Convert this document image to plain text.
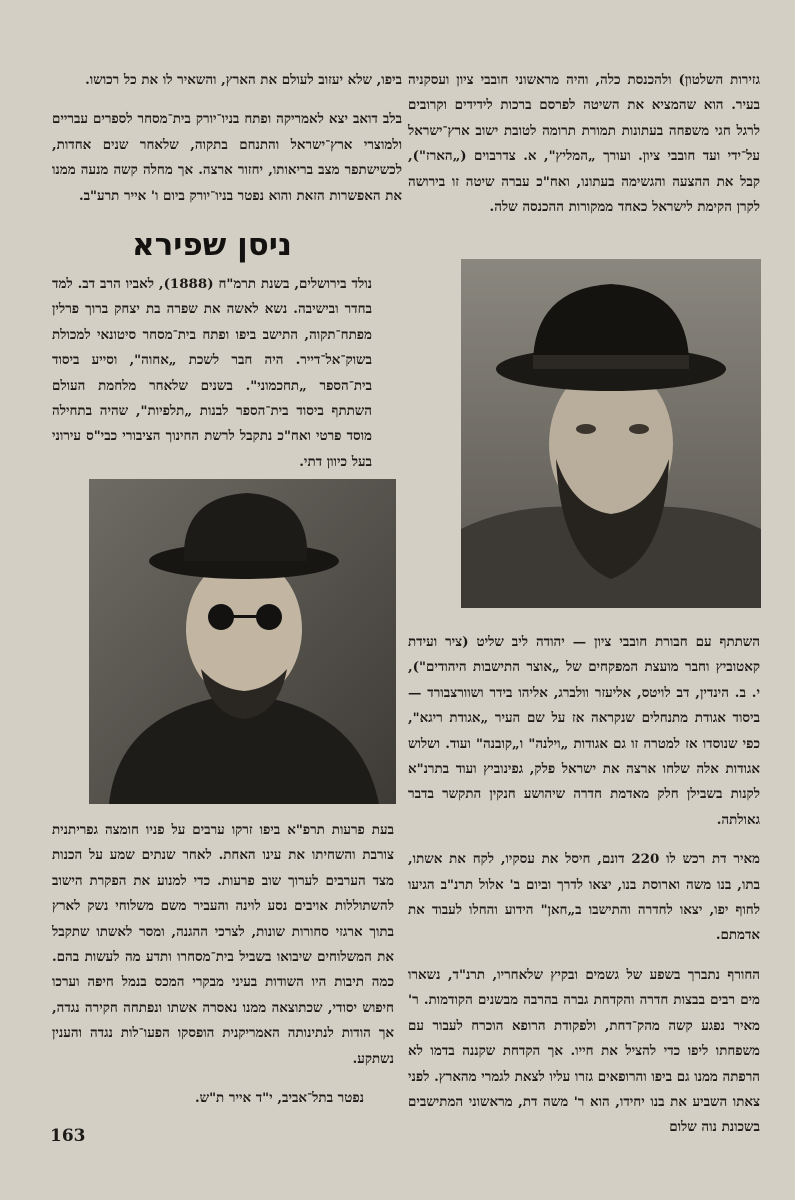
גזירות השלטון) ולהכנסת כלה, והיה מראשוני חובבי ציון ועסקניה בעיר. הוא שהמציא את השיטה לפרסם ברכות לידידים וקרובים לרגל חגי משפחה בעתונות תמורת תרומה לטובת ישוב ארץ־ישראל על־ידי ועד חובבי ציון. ועורך „המליץ", א. צדרבוים („הארז"), קבל את ההצעה והגשימה בעתונו, ואח"כ עברה שיטה זו בירושה לקרן הקימת לישראל כאחד ממקורות ההכנסה שלה.

ביפו, שלא יעזוב לעולם את הארץ, והשאיר לו את כל רכושו.

בלב דואב יצא לאמריקה ופתח בניו־יורק בית־מסחר לספרים עבריים ולמוצרי ארץ־ישראל והתנחם בתקוה, שלאחר שנים אחדות, לכשישתפר מצב בריאותו, יחזור ארצה. אך מחלה קשה מנעה ממנו את האפשרות הזאת והוא נפטר בניו־יורק ביום ו' אייר תרע"ב.

ניסן שפירא

נולד בירושלים, בשנת תרמ"ח (1888), לאביו הרב דב. למד בחדר ובישיבה. נשא לאשה את שפרה בת יצחק ברוך פרלין מפתח־תקוה, התישב ביפו ופתח בית־מסחר סיטונאי למכולת בשוק־אל־דייר. היה חבר לשכת „אחוה", וסייע ביסוד בית־הספר „תחכמוני". בשנים שלאחר מלחמת העולם השתתף ביסוד בית־הספר לבנות „תלפיות", שהיה בתחילה מוסד פרטי ואח"כ נתקבל לרשת החינוך הציבורי כבי"ס עירוני בעל כיוון דתי.

השתתף עם חבורת חובבי ציון — יהודה ליב שליט (ציר ועידת קאטוביץ וחבר מועצת המפקחים של „אוצר התישבות היהודים"), י. ב. הינדין, דב לויטס, אליעזר וולברג, אליהו בידר ושוורצבורד — ביסוד אגודת מתנחלים שנקראה אז על שם העיר „אגודת ריגא", כפי שנוסדו אז למטרה זו גם אגודות „וילנה" ו„קובנה" ועוד. ושלוש אגודות אלה שלחו ארצה את ישראל פלק, גפינוביץ ועוד בתרנ"א לקנות בשבילן חלק מאדמת חדרה שיהושע חנקין התקשר בדבר גאולתה.

מאיר דת רכש לו 220 דונם, חיסל את עסקיו, לקח את אשתו, בתו, בנו משה וארוסת בנו, יצאו לדרך וביום ב' אלול תרנ"ב הגיעו לחוף יפו, יצאו לחדרה והתישבו ב„חאן" הידוע והחלו לעבוד את אדמתם.

החורף נתברך בשפע של גשמים ובקיץ שלאחריו, תרנ"ד, נשארו מים רבים בבצות חדרה והקדחת גברה בהרבה מבשנים הקודמות. ר' מאיר נפגע קשה מהק־דחת, ולפקודת הרופא הוכרח לעבור עם משפחתו ליפו כדי להציל את חייו. אך הקדחת שקננה בדמו לא הרפתה ממנו גם ביפו והרופאים גזרו עליו לצאת לגמרי מהארץ. לפני צאתו השביע את בנו יחידו, הוא ר' משה דת, מראשוני המתישבים בשכונת נוה שלום

בעת פרעות תרפ"א ביפו זרקו ערבים על פניו חומצה גפריתנית צורבת והשחיתו את עינו האחת. לאחר שנתים שמע על הכנות מצד הערבים לערוך שוב פרעות. כדי למנוע את הפקרת הישוב להשתוללות אויבים נסע לוינה והעביר משם משלוחי נשק לארץ בתוך ארגזי סחורות שונות, לצרכי ההגנה, ומסר לאשתו שתקבל את המשלוחים שיבואו בשביל בית־מסחרו ותדע מה לעשות בהם. כמה תיבות היו השודות בעיני מבקרי המכס בנמל חיפה וערכו חיפוש יסודי, שכתוצאה ממנו נאסרה אשתו ונפתחה חקירה נגדה, אך הודות לנתינותה האמריקנית הופסקו הפעו־לות נגדה והענין נשתקע.

נפטר בתל־אביב, י"ד אייר ת"ש.

163
